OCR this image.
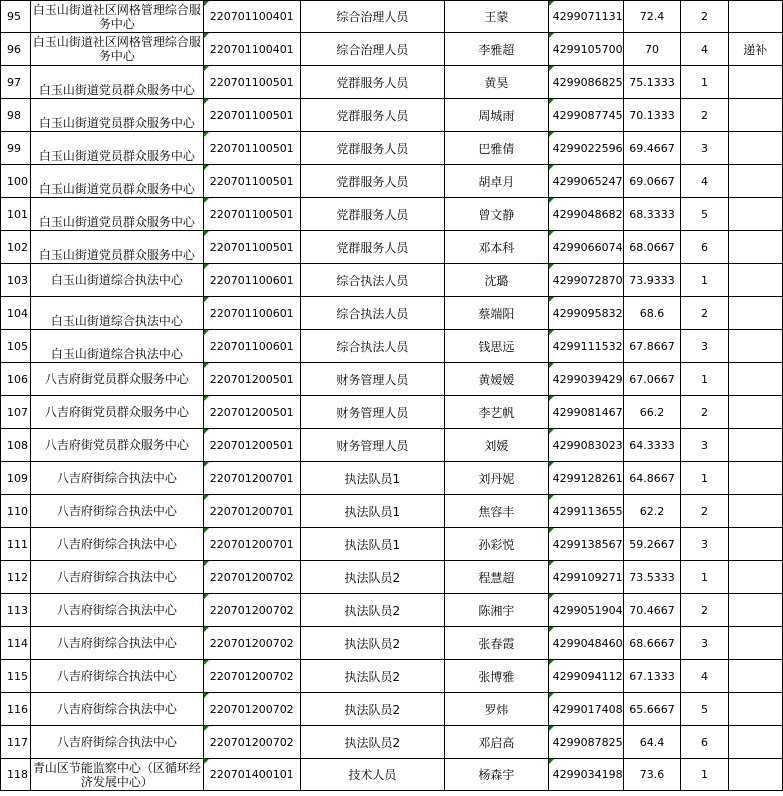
95	白玉山街道社区网格管理综合服务中心	220701100401	综合治理人员	王蒙	4299071131	72.4	2	
96	白玉山街道社区网格管理综合服务中心	220701100401	综合治理人员	李雅超	4299105700	70	4	递补
97	白玉山街道党员群众服务中心	220701100501	党群服务人员	黄昊	4299086825	75.1333	1	
98	白玉山街道党员群众服务中心	220701100501	党群服务人员	周城雨	4299087745	70.1333	2	
99	白玉山街道党员群众服务中心	220701100501	党群服务人员	巴雅倩	4299022596	69.4667	3	
100	白玉山街道党员群众服务中心	220701100501	党群服务人员	胡卓月	4299065247	69.0667	4	
101	白玉山街道党员群众服务中心	220701100501	党群服务人员	曾文静	4299048682	68.3333	5	
102	白玉山街道党员群众服务中心	220701100501	党群服务人员	邓本科	4299066074	68.0667	6	
103	白玉山街道综合执法中心	220701100601	综合执法人员	沈璐	4299072870	73.9333	1	
104	白玉山街道综合执法中心	220701100601	综合执法人员	蔡端阳	4299095832	68.6	2	
105	白玉山街道综合执法中心	220701100601	综合执法人员	钱思远	4299111532	67.8667	3	
106	八吉府街党员群众服务中心	220701200501	财务管理人员	黄嫒嫒	4299039429	67.0667	1	
107	八吉府街党员群众服务中心	220701200501	财务管理人员	李艺帆	4299081467	66.2	2	
108	八吉府街党员群众服务中心	220701200501	财务管理人员	刘媛	4299083023	64.3333	3	
109	八吉府街综合执法中心	220701200701	执法队员1	刘丹妮	4299128261	64.8667	1	
110	八吉府街综合执法中心	220701200701	执法队员1	焦容丰	4299113655	62.2	2	
111	八吉府街综合执法中心	220701200701	执法队员1	孙彩悦	4299138567	59.2667	3	
112	八吉府街综合执法中心	220701200702	执法队员2	程慧超	4299109271	73.5333	1	
113	八吉府街综合执法中心	220701200702	执法队员2	陈湘宇	4299051904	70.4667	2	
114	八吉府街综合执法中心	220701200702	执法队员2	张春霞	4299048460	68.6667	3	
115	八吉府街综合执法中心	220701200702	执法队员2	张博雅	4299094112	67.1333	4	
116	八吉府街综合执法中心	220701200702	执法队员2	罗炜	4299017408	65.6667	5	
117	八吉府街综合执法中心	220701200702	执法队员2	邓启高	4299087825	64.4	6	
118	青山区节能监察中心（区循环经济发展中心）	220701400101	技术人员	杨森宇	4299034198	73.6	1	
